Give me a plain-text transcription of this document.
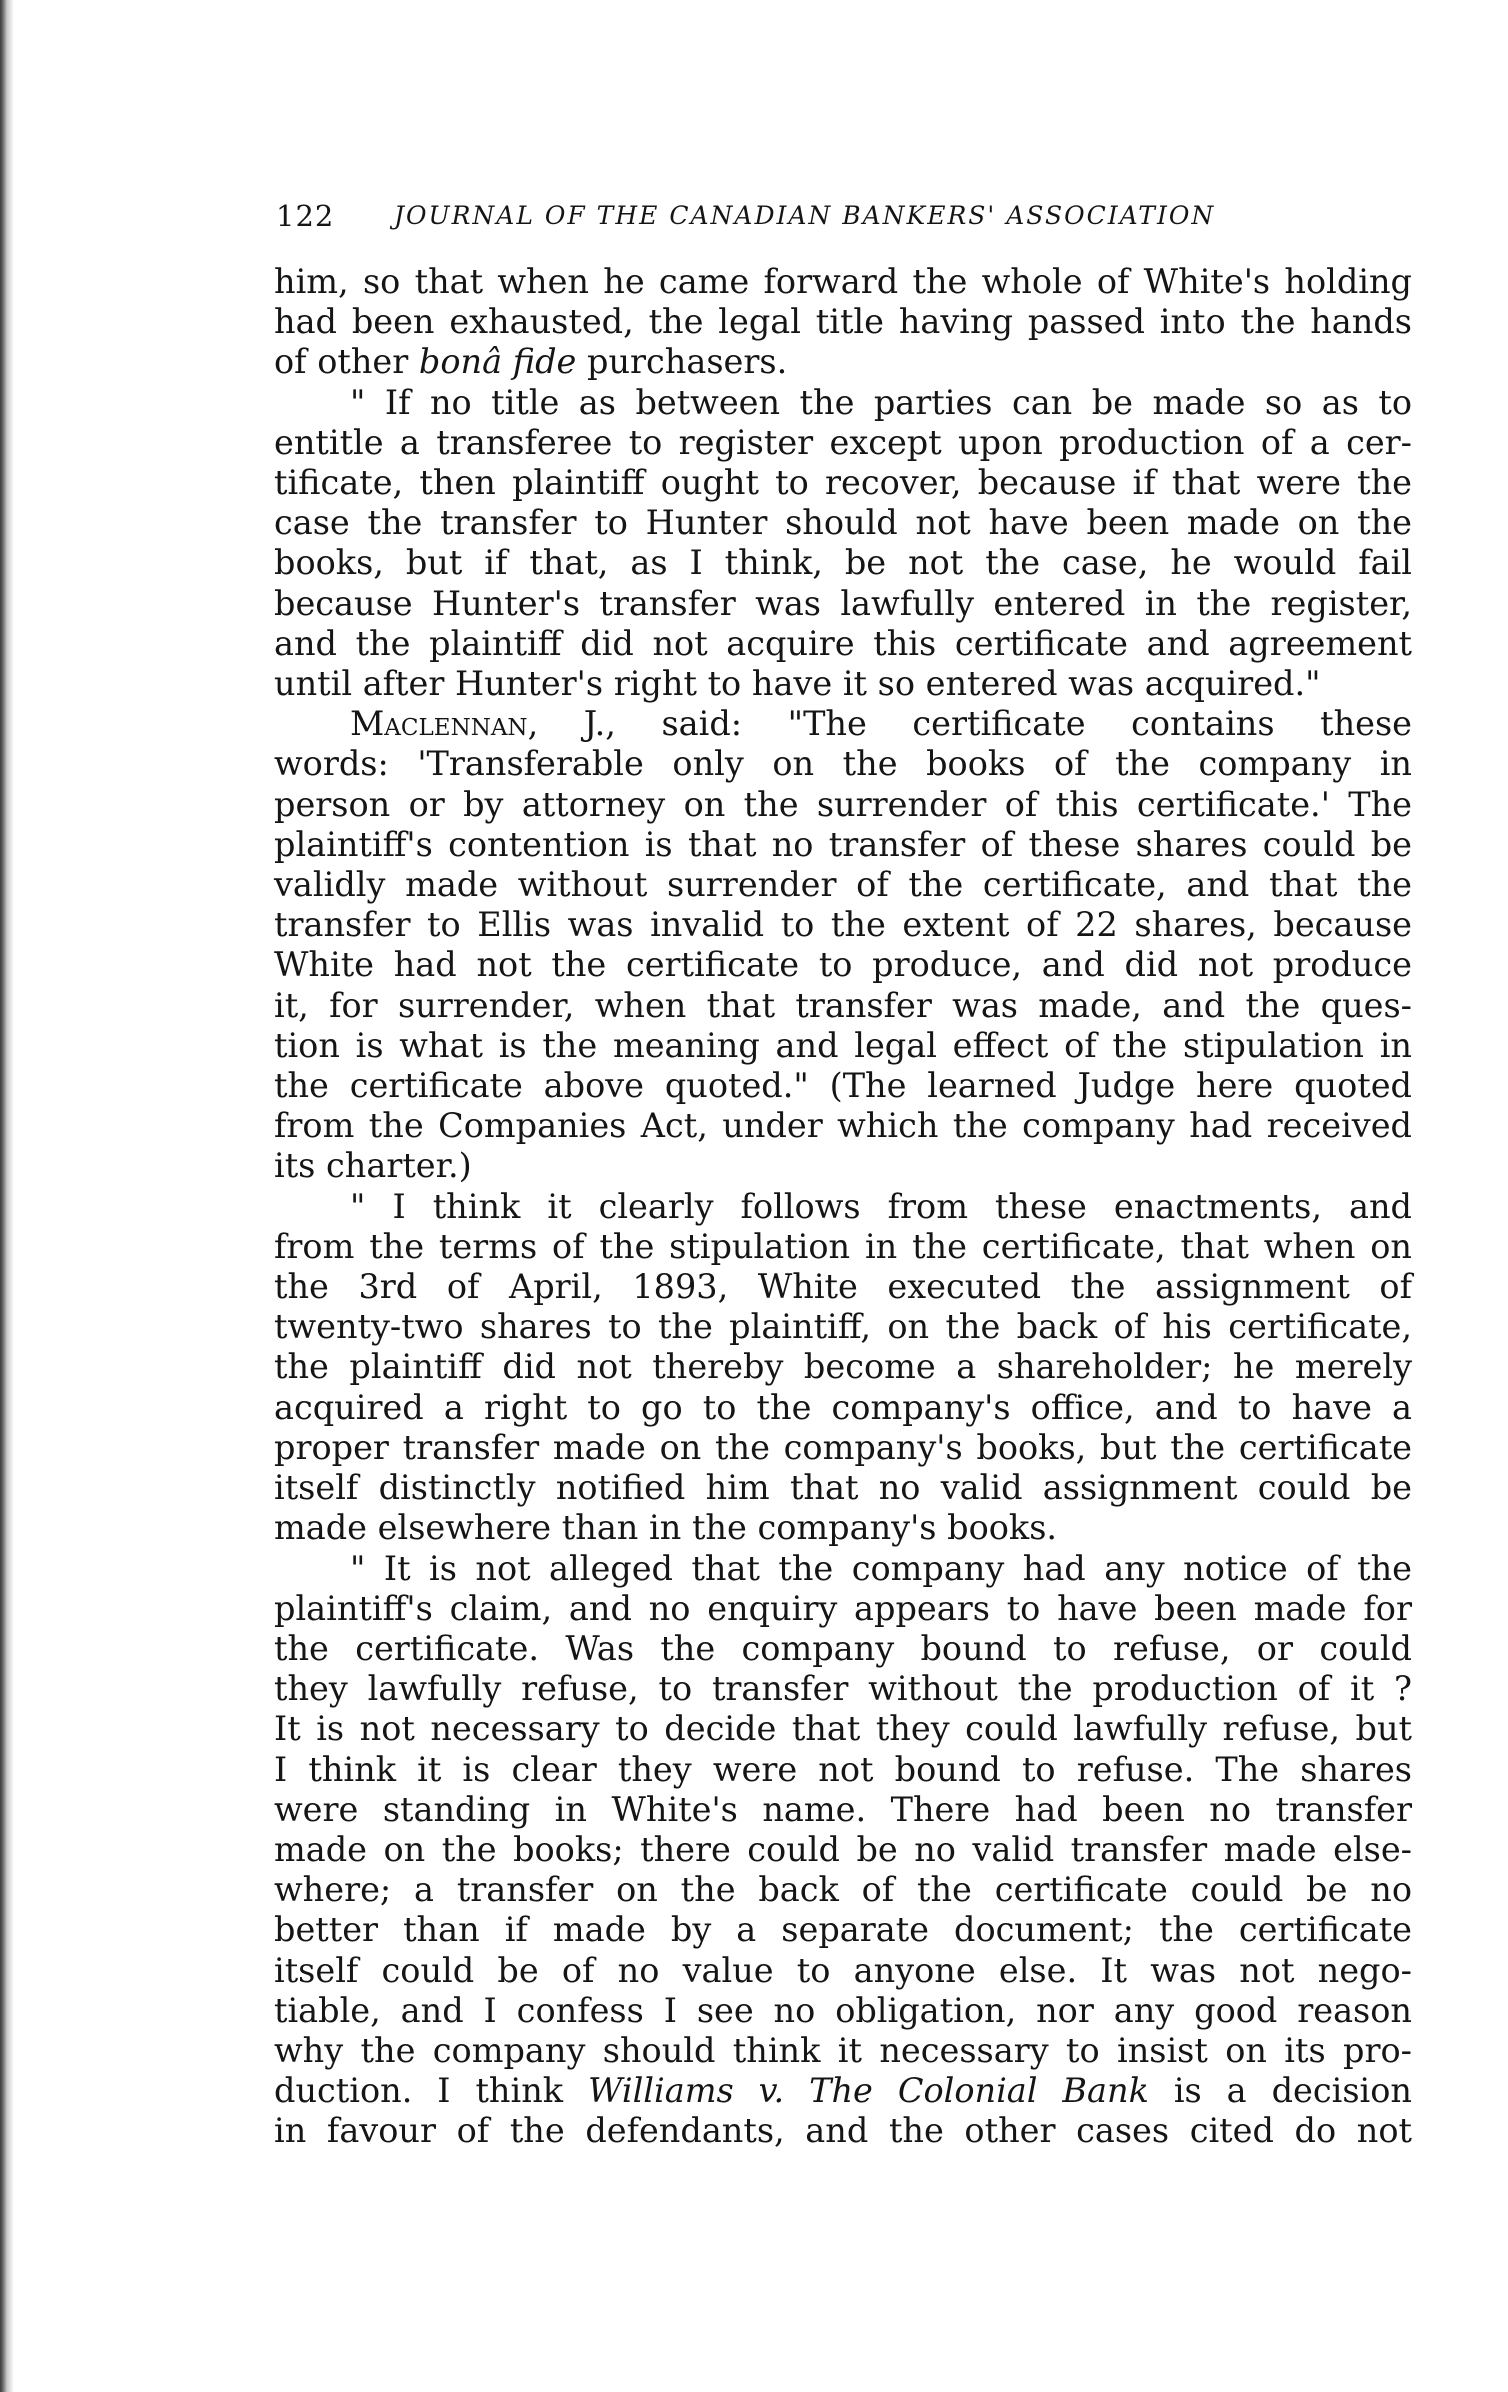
122 JOURNAL OF THE CANADIAN BANKERS' ASSOCIATION
him, so that when he came forward the whole of White's holding
had been exhausted, the legal title having passed into the hands
of other bonâ fide purchasers.
" If no title as between the parties can be made so as to
entitle a transferee to register except upon production of a cer-
tificate, then plaintiff ought to recover, because if that were the
case the transfer to Hunter should not have been made on the
books, but if that, as I think, be not the case, he would fail
because Hunter's transfer was lawfully entered in the register,
and the plaintiff did not acquire this certificate and agreement
until after Hunter's right to have it so entered was acquired."
Maclennan, J., said: "The certificate contains these
words: 'Transferable only on the books of the company in
person or by attorney on the surrender of this certificate.' The
plaintiff's contention is that no transfer of these shares could be
validly made without surrender of the certificate, and that the
transfer to Ellis was invalid to the extent of 22 shares, because
White had not the certificate to produce, and did not produce
it, for surrender, when that transfer was made, and the ques-
tion is what is the meaning and legal effect of the stipulation in
the certificate above quoted." (The learned Judge here quoted
from the Companies Act, under which the company had received
its charter.)
" I think it clearly follows from these enactments, and
from the terms of the stipulation in the certificate, that when on
the 3rd of April, 1893, White executed the assignment of
twenty-two shares to the plaintiff, on the back of his certificate,
the plaintiff did not thereby become a shareholder; he merely
acquired a right to go to the company's office, and to have a
proper transfer made on the company's books, but the certificate
itself distinctly notified him that no valid assignment could be
made elsewhere than in the company's books.
" It is not alleged that the company had any notice of the
plaintiff's claim, and no enquiry appears to have been made for
the certificate. Was the company bound to refuse, or could
they lawfully refuse, to transfer without the production of it ?
It is not necessary to decide that they could lawfully refuse, but
I think it is clear they were not bound to refuse. The shares
were standing in White's name. There had been no transfer
made on the books; there could be no valid transfer made else-
where; a transfer on the back of the certificate could be no
better than if made by a separate document; the certificate
itself could be of no value to anyone else. It was not nego-
tiable, and I confess I see no obligation, nor any good reason
why the company should think it necessary to insist on its pro-
duction. I think Williams v. The Colonial Bank is a decision
in favour of the defendants, and the other cases cited do not
